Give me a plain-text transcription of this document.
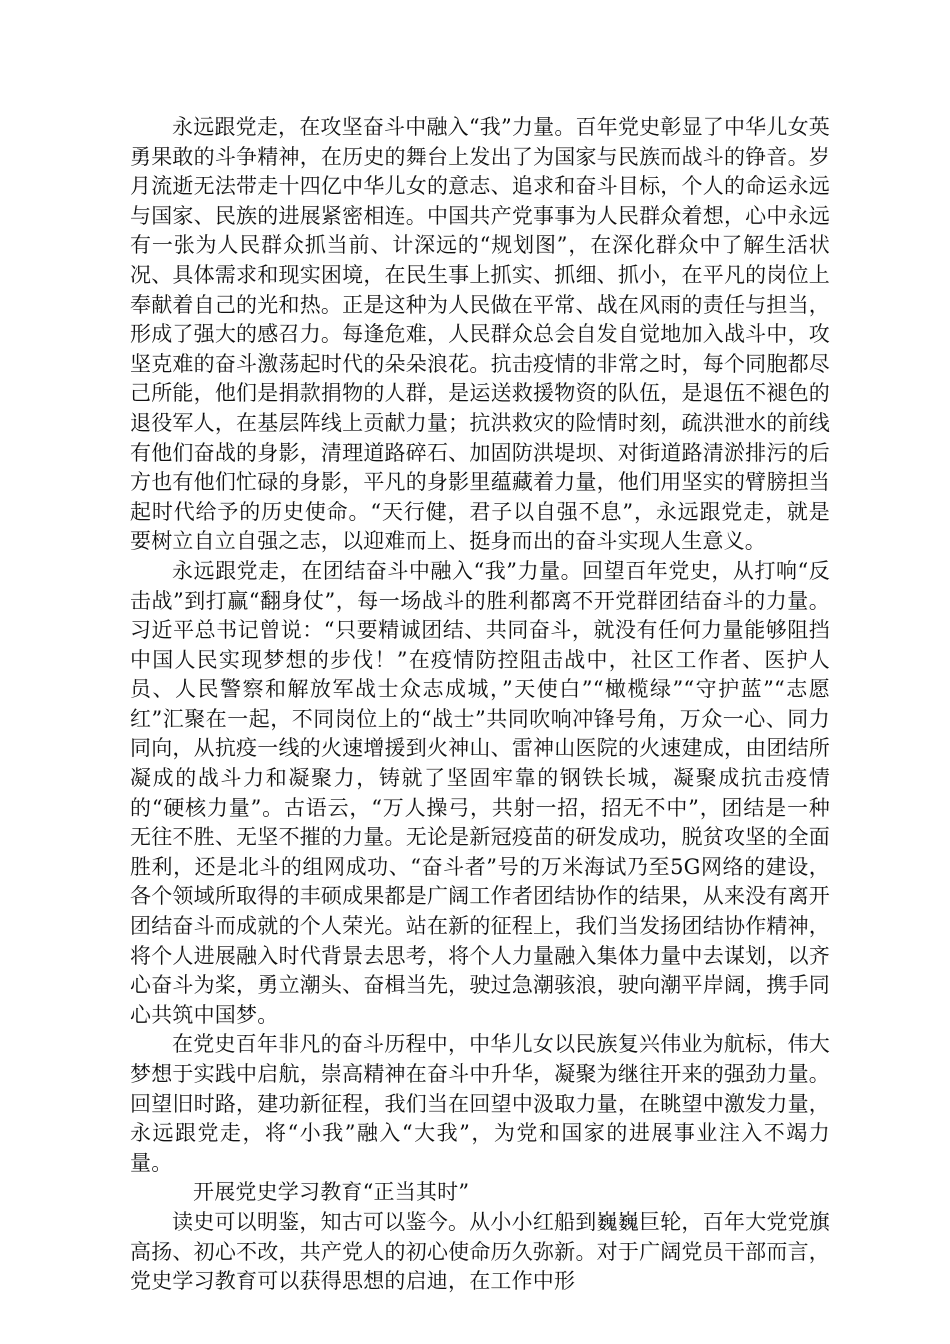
永远跟党走，在攻坚奋斗中融入“我”力量。百年党史彰显了中华儿女英勇果敢的斗争精神，在历史的舞台上发出了为国家与民族而战斗的铮音。岁月流逝无法带走十四亿中华儿女的意志、追求和奋斗目标，个人的命运永远与国家、民族的进展紧密相连。中国共产党事事为人民群众着想，心中永远有一张为人民群众抓当前、计深远的“规划图”，在深化群众中了解生活状况、具体需求和现实困境，在民生事上抓实、抓细、抓小，在平凡的岗位上奉献着自己的光和热。正是这种为人民做在平常、战在风雨的责任与担当，形成了强大的感召力。每逢危难，人民群众总会自发自觉地加入战斗中，攻坚克难的奋斗激荡起时代的朵朵浪花。抗击疫情的非常之时，每个同胞都尽己所能，他们是捐款捐物的人群，是运送救援物资的队伍，是退伍不褪色的退役军人，在基层阵线上贡献力量；抗洪救灾的险情时刻，疏洪泄水的前线有他们奋战的身影，清理道路碎石、加固防洪堤坝、对街道路清淤排污的后方也有他们忙碌的身影，平凡的身影里蕴藏着力量，他们用坚实的臂膀担当起时代给予的历史使命。“天行健，君子以自强不息”，永远跟党走，就是要树立自立自强之志，以迎难而上、挺身而出的奋斗实现人生意义。

永远跟党走，在团结奋斗中融入“我”力量。回望百年党史，从打响“反击战”到打赢“翻身仗”，每一场战斗的胜利都离不开党群团结奋斗的力量。习近平总书记曾说：“只要精诚团结、共同奋斗，就没有任何力量能够阻挡中国人民实现梦想的步伐！”在疫情防控阻击战中，社区工作者、医护人员、人民警察和解放军战士众志成城，”天使白”“橄榄绿”“守护蓝”“志愿红”汇聚在一起，不同岗位上的“战士”共同吹响冲锋号角，万众一心、同力同向，从抗疫一线的火速增援到火神山、雷神山医院的火速建成，由团结所凝成的战斗力和凝聚力，铸就了坚固牢靠的钢铁长城，凝聚成抗击疫情的“硬核力量”。古语云，“万人操弓，共射一招，招无不中”，团结是一种无往不胜、无坚不摧的力量。无论是新冠疫苗的研发成功，脱贫攻坚的全面胜利，还是北斗的组网成功、“奋斗者”号的万米海试乃至5G网络的建设，各个领域所取得的丰硕成果都是广阔工作者团结协作的结果，从来没有离开团结奋斗而成就的个人荣光。站在新的征程上，我们当发扬团结协作精神，将个人进展融入时代背景去思考，将个人力量融入集体力量中去谋划，以齐心奋斗为桨，勇立潮头、奋楫当先，驶过急潮骇浪，驶向潮平岸阔，携手同心共筑中国梦。

在党史百年非凡的奋斗历程中，中华儿女以民族复兴伟业为航标，伟大梦想于实践中启航，崇高精神在奋斗中升华，凝聚为继往开来的强劲力量。回望旧时路，建功新征程，我们当在回望中汲取力量，在眺望中激发力量，永远跟党走，将“小我”融入“大我”，为党和国家的进展事业注入不竭力量。

开展党史学习教育“正当其时”

读史可以明鉴，知古可以鉴今。从小小红船到巍巍巨轮，百年大党党旗高扬、初心不改，共产党人的初心使命历久弥新。对于广阔党员干部而言，党史学习教育可以获得思想的启迪，在工作中形
